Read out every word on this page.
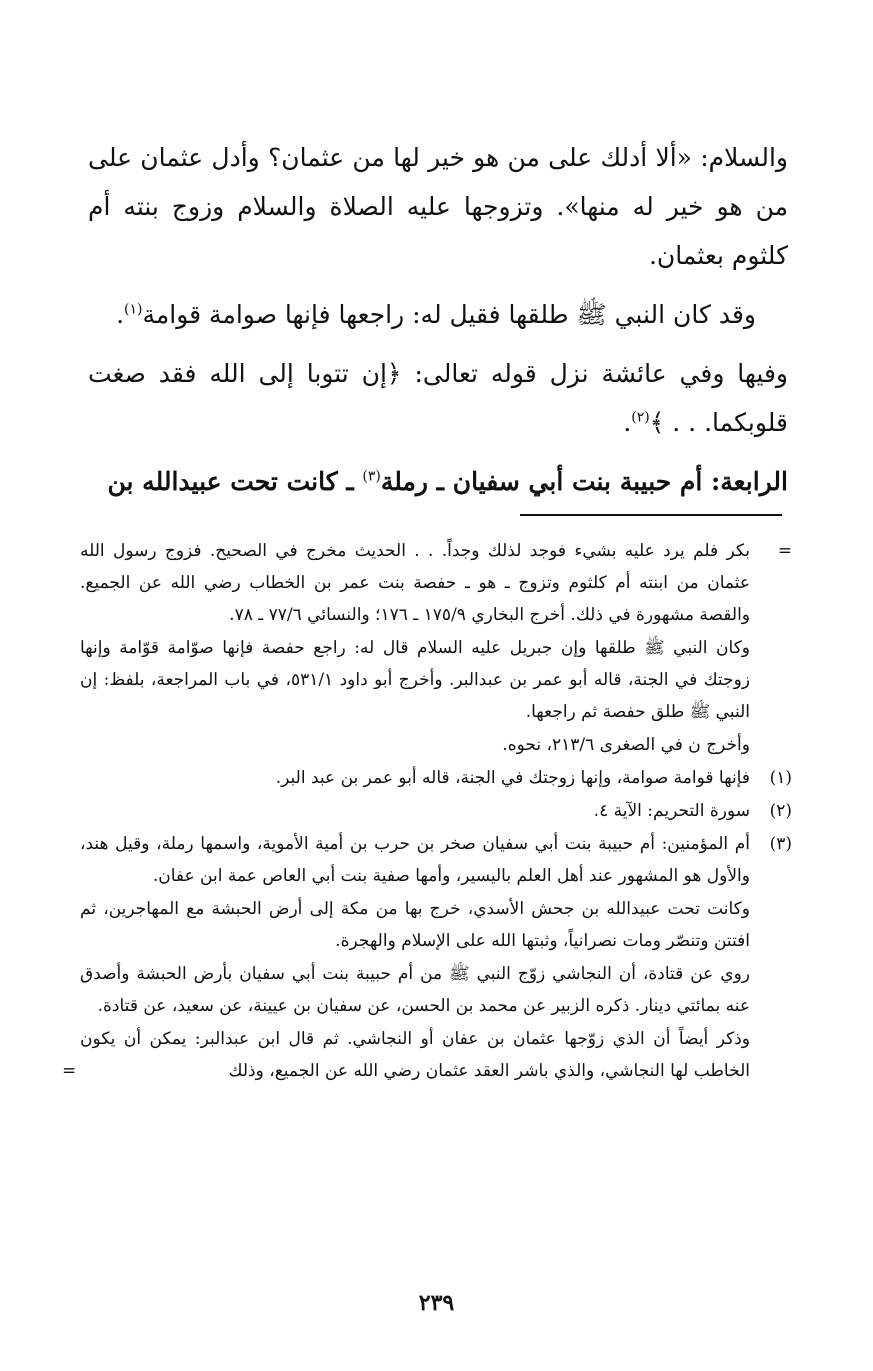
والسلام: «ألا أدلك على من هو خير لها من عثمان؟ وأدل عثمان على من هو خير له منها». وتزوجها عليه الصلاة والسلام وزوج بنته أم كلثوم بعثمان.

وقد كان النبي ﷺ طلقها فقيل له: راجعها فإنها صوامة قوامة$^{(١)}$.

وفيها وفي عائشة نزل قوله تعالى: ﴿إن تتوبا إلى الله فقد صغت قلوبكما. . . ﴾$^{(٢)}$.

الرابعة: أم حبيبة بنت أبي سفيان ـ رملة$^{(٣)}$ ـ كانت تحت عبيدالله بن

=
بكر فلم يرد عليه بشيء فوجد لذلك وجداً. . . الحديث مخرج في الصحيح. فزوج رسول الله عثمان من ابنته أم كلثوم وتزوج ـ هو ـ حفصة بنت عمر بن الخطاب رضي الله عن الجميع. والقصة مشهورة في ذلك. أخرج البخاري ١٧٥/٩ ـ ١٧٦؛ والنسائي ٧٧/٦ ـ ٧٨.
وكان النبي ﷺ طلقها وإن جبريل عليه السلام قال له: راجع حفصة فإنها صوّامة قوّامة وإنها زوجتك في الجنة، قاله أبو عمر بن عبدالبر. وأخرج أبو داود ٥٣١/١، في باب المراجعة، بلفظ: إن النبي ﷺ طلق حفصة ثم راجعها.
وأخرج ن في الصغرى ٢١٣/٦، نحوه.
(١)
فإنها قوامة صوامة، وإنها زوجتك في الجنة، قاله أبو عمر بن عبد البر.
(٢)
سورة التحريم: الآية ٤.
(٣)
أم المؤمنين: أم حبيبة بنت أبي سفيان صخر بن حرب بن أمية الأموية، واسمها رملة، وقيل هند، والأول هو المشهور عند أهل العلم باليسير، وأمها صفية بنت أبي العاص عمة ابن عفان.
وكانت تحت عبيدالله بن جحش الأسدي، خرج بها من مكة إلى أرض الحبشة مع المهاجرين، ثم افتتن وتنصّر ومات نصرانياً، وثبتها الله على الإسلام والهجرة.
روي عن قتادة، أن النجاشي زوّج النبي ﷺ من أم حبيبة بنت أبي سفيان بأرض الحبشة وأصدق عنه بمائتي دينار. ذكره الزبير عن محمد بن الحسن، عن سفيان بن عيينة، عن سعيد، عن قتادة.
وذكر أيضاً أن الذي زوّجها عثمان بن عفان أو النجاشي. ثم قال ابن عبدالبر: يمكن أن يكون الخاطب لها النجاشي، والذي باشر العقد عثمان رضي الله عن الجميع، وذلك
=
٢٣٩
